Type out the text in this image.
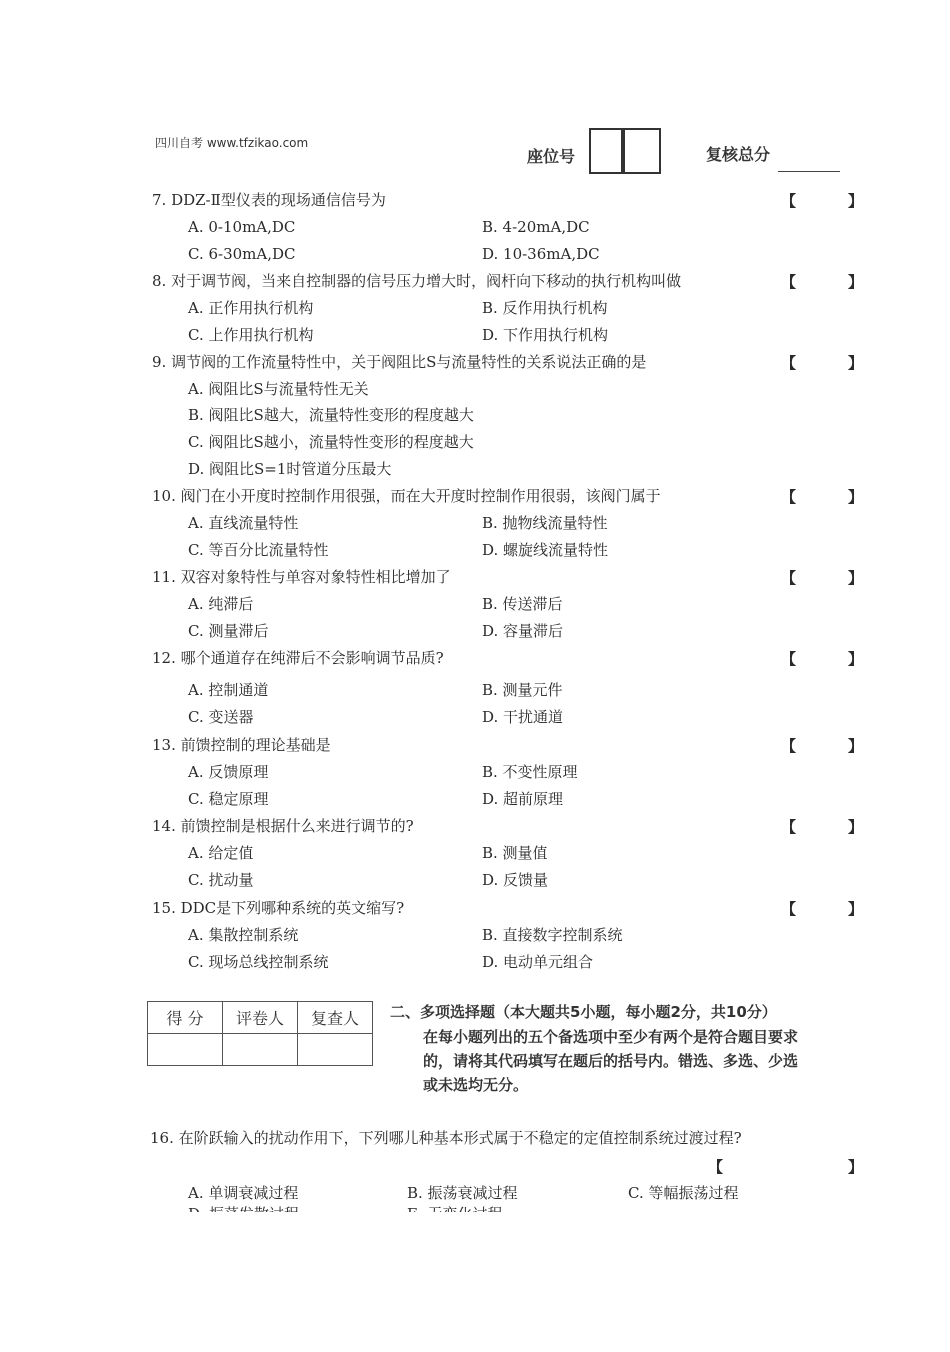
四川自考 www.tfzikao.com
座位号	复核总分
7. DDZ-Ⅱ型仪表的现场通信信号为	【	】
A. 0-10mA,DC	B. 4-20mA,DC
C. 6-30mA,DC	D. 10-36mA,DC
8. 对于调节阀，当来自控制器的信号压力增大时，阀杆向下移动的执行机构叫做	【	】
A. 正作用执行机构	B. 反作用执行机构
C. 上作用执行机构	D. 下作用执行机构
9. 调节阀的工作流量特性中，关于阀阻比S与流量特性的关系说法正确的是	【	】
A. 阀阻比S与流量特性无关
B. 阀阻比S越大，流量特性变形的程度越大
C. 阀阻比S越小，流量特性变形的程度越大
D. 阀阻比S=1时管道分压最大
10. 阀门在小开度时控制作用很强，而在大开度时控制作用很弱，该阀门属于	【	】
A. 直线流量特性	B. 抛物线流量特性
C. 等百分比流量特性	D. 螺旋线流量特性
11. 双容对象特性与单容对象特性相比增加了	【	】
A. 纯滞后	B. 传送滞后
C. 测量滞后	D. 容量滞后
12. 哪个通道存在纯滞后不会影响调节品质?	【	】
A. 控制通道	B. 测量元件
C. 变送器	D. 干扰通道
13. 前馈控制的理论基础是	【	】
A. 反馈原理	B. 不变性原理
C. 稳定原理	D. 超前原理
14. 前馈控制是根据什么来进行调节的?	【	】
A. 给定值	B. 测量值
C. 扰动量	D. 反馈量
15. DDC是下列哪种系统的英文缩写?	【	】
A. 集散控制系统	B. 直接数字控制系统
C. 现场总线控制系统	D. 电动单元组合
得 分	评卷人	复查人
		二、多项选择题（本大题共5小题，每小题2分，共10分）
在每小题列出的五个备选项中至少有两个是符合题目要求
的，请将其代码填写在题后的括号内。错选、多选、少选
或未选均无分。
16. 在阶跃输入的扰动作用下，下列哪儿种基本形式属于不稳定的定值控制系统过渡过程?
【	】
A. 单调衰减过程	B. 振荡衰减过程	C. 等幅振荡过程
